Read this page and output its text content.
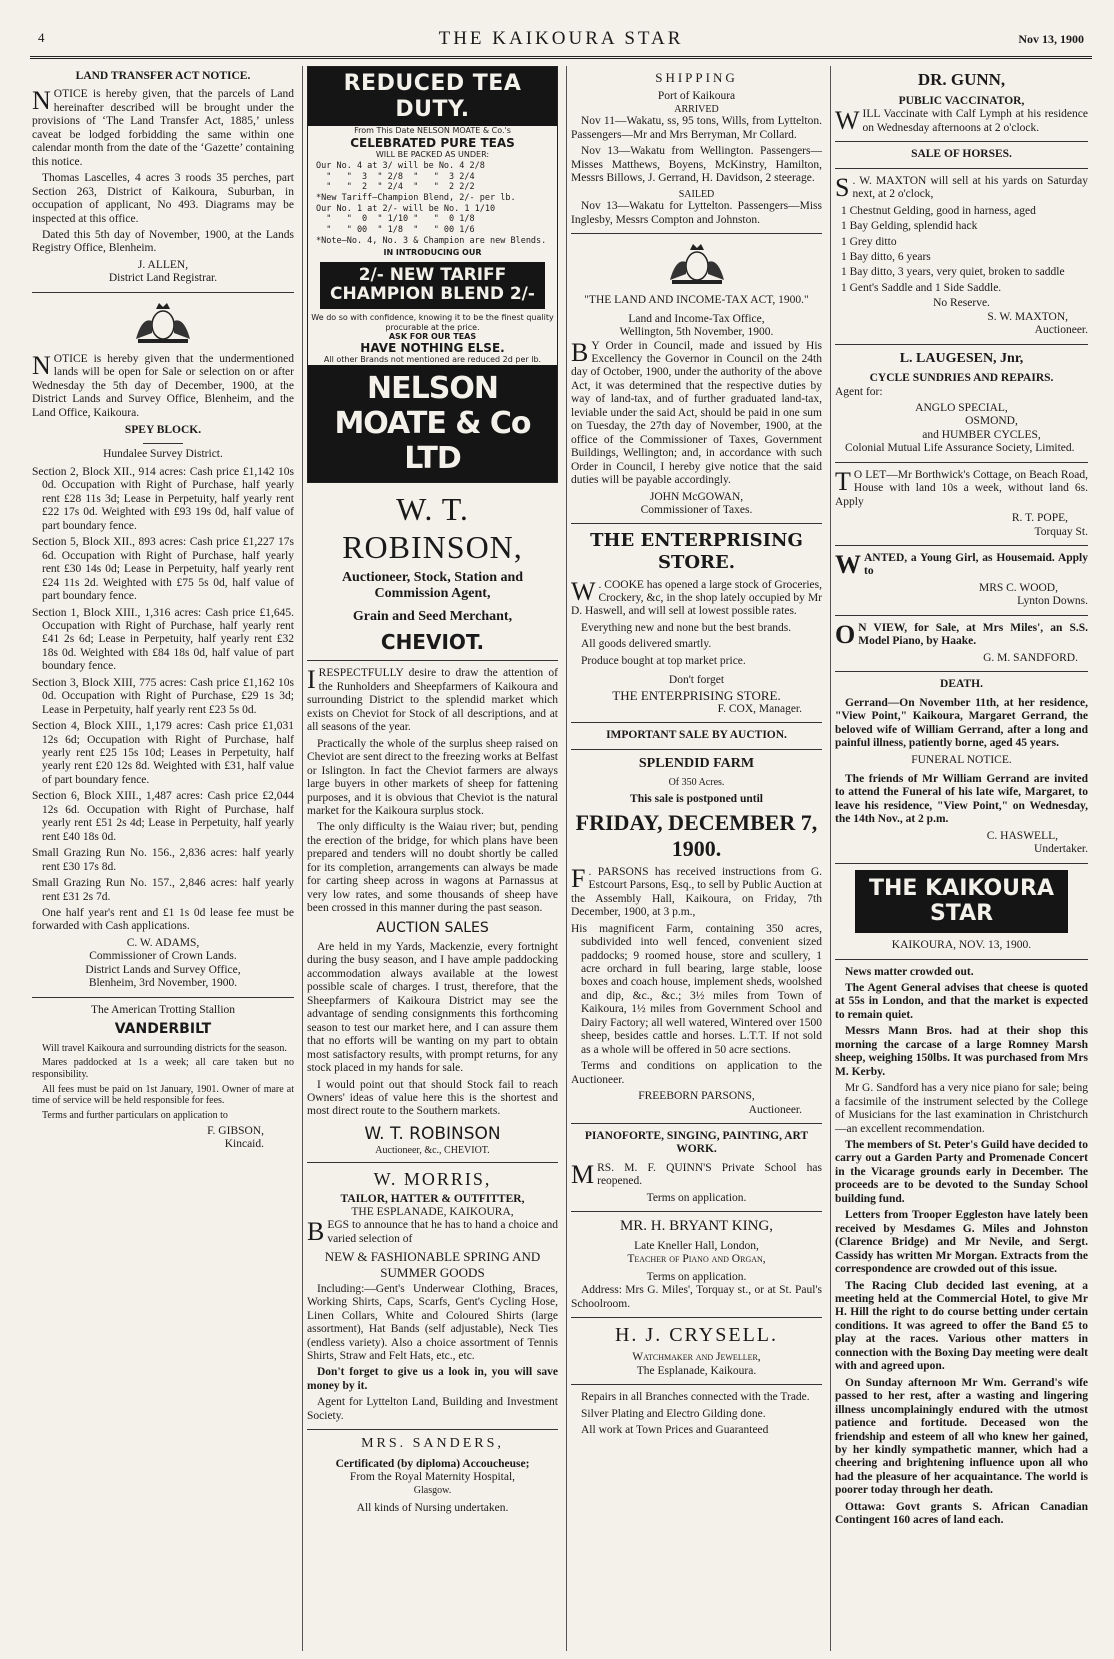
4	THE KAIKOURA STAR	Nov 13, 1900
LAND TRANSFER ACT NOTICE.

NOTICE is hereby given, that the parcels of Land hereinafter described will be brought under the provisions of ‘The Land Transfer Act, 1885,’ unless caveat be lodged forbidding the same within one calendar month from the date of the ‘Gazette’ containing this notice.

Thomas Lascelles, 4 acres 3 roods 35 perches, part Section 263, District of Kaikoura, Suburban, in occupation of applicant, No 493. Diagrams may be inspected at this office.

Dated this 5th day of November, 1900, at the Lands Registry Office, Blenheim.

J. ALLEN,
District Land Registrar.

NOTICE is hereby given that the undermentioned lands will be open for Sale or selection on or after Wednesday the 5th day of December, 1900, at the District Lands and Survey Office, Blenheim, and the Land Office, Kaikoura.

SPEY BLOCK.
Hundalee Survey District.

Section 2, Block XII., 914 acres: Cash price £1,142 10s 0d. Occupation with Right of Purchase, half yearly rent £28 11s 3d; Lease in Perpetuity, half yearly rent £22 17s 0d. Weighted with £93 19s 0d, half value of part boundary fence.

Section 5, Block XII., 893 acres: Cash price £1,227 17s 6d. Occupation with Right of Purchase, half yearly rent £30 14s 0d; Lease in Perpetuity, half yearly rent £24 11s 2d. Weighted with £75 5s 0d, half value of part boundary fence.

Section 1, Block XIII., 1,316 acres: Cash price £1,645. Occupation with Right of Purchase, half yearly rent £41 2s 6d; Lease in Perpetuity, half yearly rent £32 18s 0d. Weighted with £84 18s 0d, half value of part boundary fence.

Section 3, Block XIII, 775 acres: Cash price £1,162 10s 0d. Occupation with Right of Purchase, £29 1s 3d; Lease in Perpetuity, half yearly rent £23 5s 0d.

Section 4, Block XIII., 1,179 acres: Cash price £1,031 12s 6d; Occupation with Right of Purchase, half yearly rent £25 15s 10d; Leases in Perpetuity, half yearly rent £20 12s 8d. Weighted with £31, half value of part boundary fence.

Section 6, Block XIII., 1,487 acres: Cash price £2,044 12s 6d. Occupation with Right of Purchase, half yearly rent £51 2s 4d; Lease in Perpetuity, half yearly rent £40 18s 0d.

Small Grazing Run No. 156., 2,836 acres: half yearly rent £30 17s 8d.

Small Grazing Run No. 157., 2,846 acres: half yearly rent £31 2s 7d.

One half year's rent and £1 1s 0d lease fee must be forwarded with Cash applications.

C. W. ADAMS,
Commissioner of Crown Lands.
District Lands and Survey Office,
Blenheim, 3rd November, 1900.
The American Trotting Stallion
VANDERBILT

Will travel Kaikoura and surrounding districts for the season.

Mares paddocked at 1s a week; all care taken but no responsibility.

All fees must be paid on 1st January, 1901. Owner of mare at time of service will be held responsible for fees.

Terms and further particulars on application to

F. GIBSON,
Kincaid.
REDUCED TEA DUTY.
From This Date NELSON MOATE & Co.'s
CELEBRATED PURE TEAS
WILL BE PACKED AS UNDER:
Our No. 4 at 3/ will be No. 4 2/8
"   "  3  " 2/8  "   "  3 2/4
"   "  2  " 2/4  "   "  2 2/2
*New Tariff—Champion Blend, 2/- per lb.
Our No. 1 at 2/- will be No. 1 1/10
"   "  0  " 1/10 "   "  0 1/8
"   " 00  " 1/8  "   " 00 1/6
*Note—No. 4, No. 3 & Champion are new Blends.
IN INTRODUCING OUR
2/- NEW TARIFF CHAMPION BLEND 2/-
We do so with confidence, knowing it to be the finest quality procurable at the price.
ASK FOR OUR TEAS
HAVE NOTHING ELSE.
All other Brands not mentioned are reduced 2d per lb.
NELSON MOATE & Co LTD
W. T. ROBINSON,
Auctioneer, Stock, Station and Commission Agent,
Grain and Seed Merchant,
CHEVIOT.

IRESPECTFULLY desire to draw the attention of the Runholders and Sheepfarmers of Kaikoura and surrounding District to the splendid market which exists on Cheviot for Stock of all descriptions, and at all seasons of the year.

Practically the whole of the surplus sheep raised on Cheviot are sent direct to the freezing works at Belfast or Islington. In fact the Cheviot farmers are always large buyers in other markets of sheep for fattening purposes, and it is obvious that Cheviot is the natural market for the Kaikoura surplus stock.

The only difficulty is the Waiau river; but, pending the erection of the bridge, for which plans have been prepared and tenders will no doubt shortly be called for its completion, arrangements can always be made for carting sheep across in wagons at Parnassus at very low rates, and some thousands of sheep have been crossed in this manner during the past season.

AUCTION SALES

Are held in my Yards, Mackenzie, every fortnight during the busy season, and I have ample paddocking accommodation always available at the lowest possible scale of charges. I trust, therefore, that the Sheepfarmers of Kaikoura District may see the advantage of sending consignments this forthcoming season to test our market here, and I can assure them that no efforts will be wanting on my part to obtain most satisfactory results, with prompt returns, for any stock placed in my hands for sale.

I would point out that should Stock fail to reach Owners' ideas of value here this is the shortest and most direct route to the Southern markets.

W. T. ROBINSON
Auctioneer, &c., CHEVIOT.
W. MORRIS,
TAILOR, HATTER & OUTFITTER,
THE ESPLANADE, KAIKOURA,

BEGS to announce that he has to hand a choice and varied selection of

NEW & FASHIONABLE SPRING AND SUMMER GOODS

Including:—Gent's Underwear Clothing, Braces, Working Shirts, Caps, Scarfs, Gent's Cycling Hose, Linen Collars, White and Coloured Shirts (large assortment), Hat Bands (self adjustable), Neck Ties (endless variety). Also a choice assortment of Tennis Shirts, Straw and Felt Hats, etc., etc.

Don't forget to give us a look in, you will save money by it.

Agent for Lyttelton Land, Building and Investment Society.

MRS. SANDERS,
Certificated (by diploma) Accoucheuse;
From the Royal Maternity Hospital,
Glasgow.
All kinds of Nursing undertaken.
SHIPPING
Port of Kaikoura
ARRIVED

Nov 11—Wakatu, ss, 95 tons, Wills, from Lyttelton. Passengers—Mr and Mrs Berryman, Mr Collard.

Nov 13—Wakatu from Wellington. Passengers—Misses Matthews, Boyens, McKinstry, Hamilton, Messrs Billows, J. Gerrand, H. Davidson, 2 steerage.

SAILED

Nov 13—Wakatu for Lyttelton. Passengers—Miss Inglesby, Messrs Compton and Johnston.

"THE LAND AND INCOME-TAX ACT, 1900."
Land and Income-Tax Office,
Wellington, 5th November, 1900.

B Y Order in Council, made and issued by His Excellency the Governor in Council on the 24th day of October, 1900, under the authority of the above Act, it was determined that the respective duties by way of land-tax, and of further graduated land-tax, leviable under the said Act, should be paid in one sum on Tuesday, the 27th day of November, 1900, at the office of the Commissioner of Taxes, Government Buildings, Wellington; and, in accordance with such Order in Council, I hereby give notice that the said duties will be payable accordingly.

JOHN McGOWAN,
Commissioner of Taxes.
THE ENTERPRISING STORE.

W . COOKE has opened a large stock of Groceries, Crockery, &c, in the shop lately occupied by Mr D. Haswell, and will sell at lowest possible rates.

Everything new and none but the best brands.

All goods delivered smartly.

Produce bought at top market price.

Don't forget
THE ENTERPRISING STORE.
F. COX, Manager.
IMPORTANT SALE BY AUCTION.
SPLENDID FARM
Of 350 Acres.
This sale is postponed until
FRIDAY, DECEMBER 7, 1900.

F . PARSONS has received instructions from G. Estcourt Parsons, Esq., to sell by Public Auction at the Assembly Hall, Kaikoura, on Friday, 7th December, 1900, at 3 p.m.,

His magnificent Farm, containing 350 acres, subdivided into well fenced, convenient sized paddocks; 9 roomed house, store and scullery, 1 acre orchard in full bearing, large stable, loose boxes and coach house, implement sheds, woolshed and dip, &c., &c.; 3½ miles from Town of Kaikoura, 1½ miles from Government School and Dairy Factory; all well watered, Wintered over 1500 sheep, besides cattle and horses. L.T.T. If not sold as a whole will be offered in 50 acre sections.

Terms and conditions on application to the Auctioneer.

FREEBORN PARSONS,
Auctioneer.
PIANOFORTE, SINGING, PAINTING, ART WORK.

MRS. M. F. QUINN'S Private School has reopened.

Terms on application.
MR. H. BRYANT KING,
Late Kneller Hall, London,
Teacher of Piano and Organ,
Terms on application.

Address: Mrs G. Miles', Torquay st., or at St. Paul's Schoolroom.

H. J. CRYSELL.
Watchmaker and Jeweller,
The Esplanade, Kaikoura.

Repairs in all Branches connected with the Trade.

Silver Plating and Electro Gilding done.

All work at Town Prices and Guaranteed

DR. GUNN,
PUBLIC VACCINATOR,

WILL Vaccinate with Calf Lymph at his residence on Wednesday afternoons at 2 o'clock.

SALE OF HORSES.

S . W. MAXTON will sell at his yards on Saturday next, at 2 o'clock,

1 Chestnut Gelding, good in harness, aged
1 Bay Gelding, splendid hack
1 Grey ditto
1 Bay ditto, 6 years
1 Bay ditto, 3 years, very quiet, broken to saddle
1 Gent's Saddle and 1 Side Saddle.
No Reserve.
S. W. MAXTON,
Auctioneer.
L. LAUGESEN, Jnr,
CYCLE SUNDRIES AND REPAIRS.

Agent for:

ANGLO SPECIAL,
OSMOND,
and HUMBER CYCLES,

Colonial Mutual Life Assurance Society, Limited.

T O LET—Mr Borthwick's Cottage, on Beach Road, House with land 10s a week, without land 6s. Apply

R. T. POPE,
Torquay St.

WANTED, a Young Girl, as Housemaid. Apply to

MRS C. WOOD,
Lynton Downs.

O N VIEW, for Sale, at Mrs Miles', an S.S. Model Piano, by Haake.

G. M. SANDFORD.
DEATH.

Gerrand—On November 11th, at her residence, "View Point," Kaikoura, Margaret Gerrand, the beloved wife of William Gerrand, after a long and painful illness, patiently borne, aged 45 years.

FUNERAL NOTICE.

The friends of Mr William Gerrand are invited to attend the Funeral of his late wife, Margaret, to leave his residence, "View Point," on Wednesday, the 14th Nov., at 2 p.m.

C. HASWELL,
Undertaker.
THE KAIKOURA STAR
KAIKOURA, NOV. 13, 1900.

News matter crowded out.

The Agent General advises that cheese is quoted at 55s in London, and that the market is expected to remain quiet.

Messrs Mann Bros. had at their shop this morning the carcase of a large Romney Marsh sheep, weighing 150lbs. It was purchased from Mrs M. Kerby.

Mr G. Sandford has a very nice piano for sale; being a facsimile of the instrument selected by the College of Musicians for the last examination in Christchurch —an excellent recommendation.

The members of St. Peter's Guild have decided to carry out a Garden Party and Promenade Concert in the Vicarage grounds early in December. The proceeds are to be devoted to the Sunday School building fund.

Letters from Trooper Eggleston have lately been received by Mesdames G. Miles and Johnston (Clarence Bridge) and Mr Nevile, and Sergt. Cassidy has written Mr Morgan. Extracts from the correspondence are crowded out of this issue.

The Racing Club decided last evening, at a meeting held at the Commercial Hotel, to give Mr H. Hill the right to do course betting under certain conditions. It was agreed to offer the Band £5 to play at the races. Various other matters in connection with the Boxing Day meeting were dealt with and agreed upon.

On Sunday afternoon Mr Wm. Gerrand's wife passed to her rest, after a wasting and lingering illness uncomplainingly endured with the utmost patience and fortitude. Deceased won the friendship and esteem of all who knew her gained, by her kindly sympathetic manner, which had a cheering and brightening influence upon all who had the pleasure of her acquaintance. The world is poorer today through her death.

Ottawa: Govt grants S. African Canadian Contingent 160 acres of land each.
